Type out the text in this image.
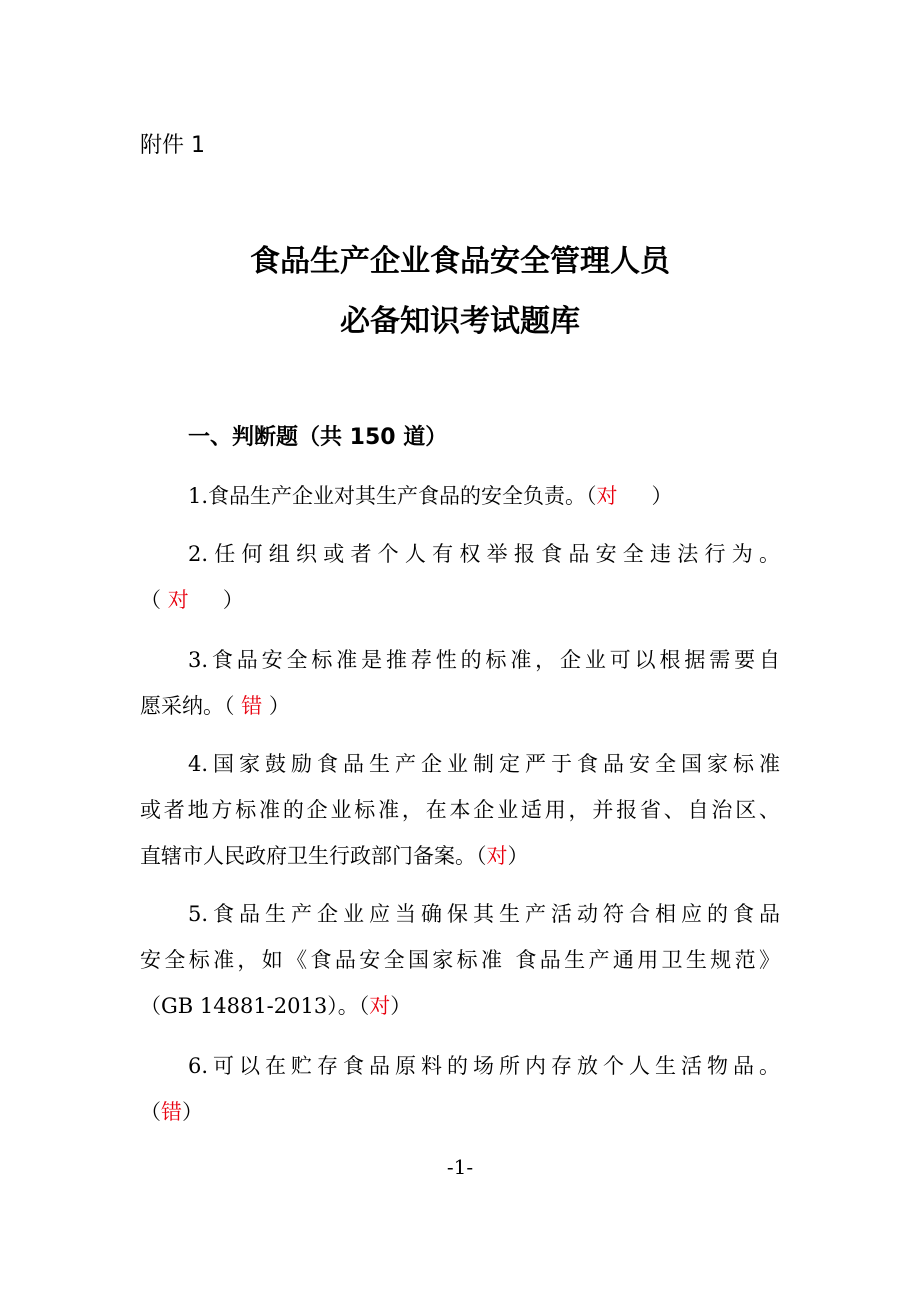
附件 1
食品生产企业食品安全管理人员
必备知识考试题库
一、判断题（共 150 道）
1.食品生产企业对其生产食品的安全负责。（对 ）
2.任何组织或者个人有权举报食品安全违法行为。
（ 对 ）
3.食品安全标准是推荐性的标准，企业可以根据需要自
愿采纳。（ 错 ）
4.国家鼓励食品生产企业制定严于食品安全国家标准
或者地方标准的企业标准，在本企业适用，并报省、自治区、
直辖市人民政府卫生行政部门备案。（对）
5.食品生产企业应当确保其生产活动符合相应的食品
安全标准，如《食品安全国家标准 食品生产通用卫生规范》
（GB 14881-2013）。（对）
6.可以在贮存食品原料的场所内存放个人生活物品。
（错）
-1-
